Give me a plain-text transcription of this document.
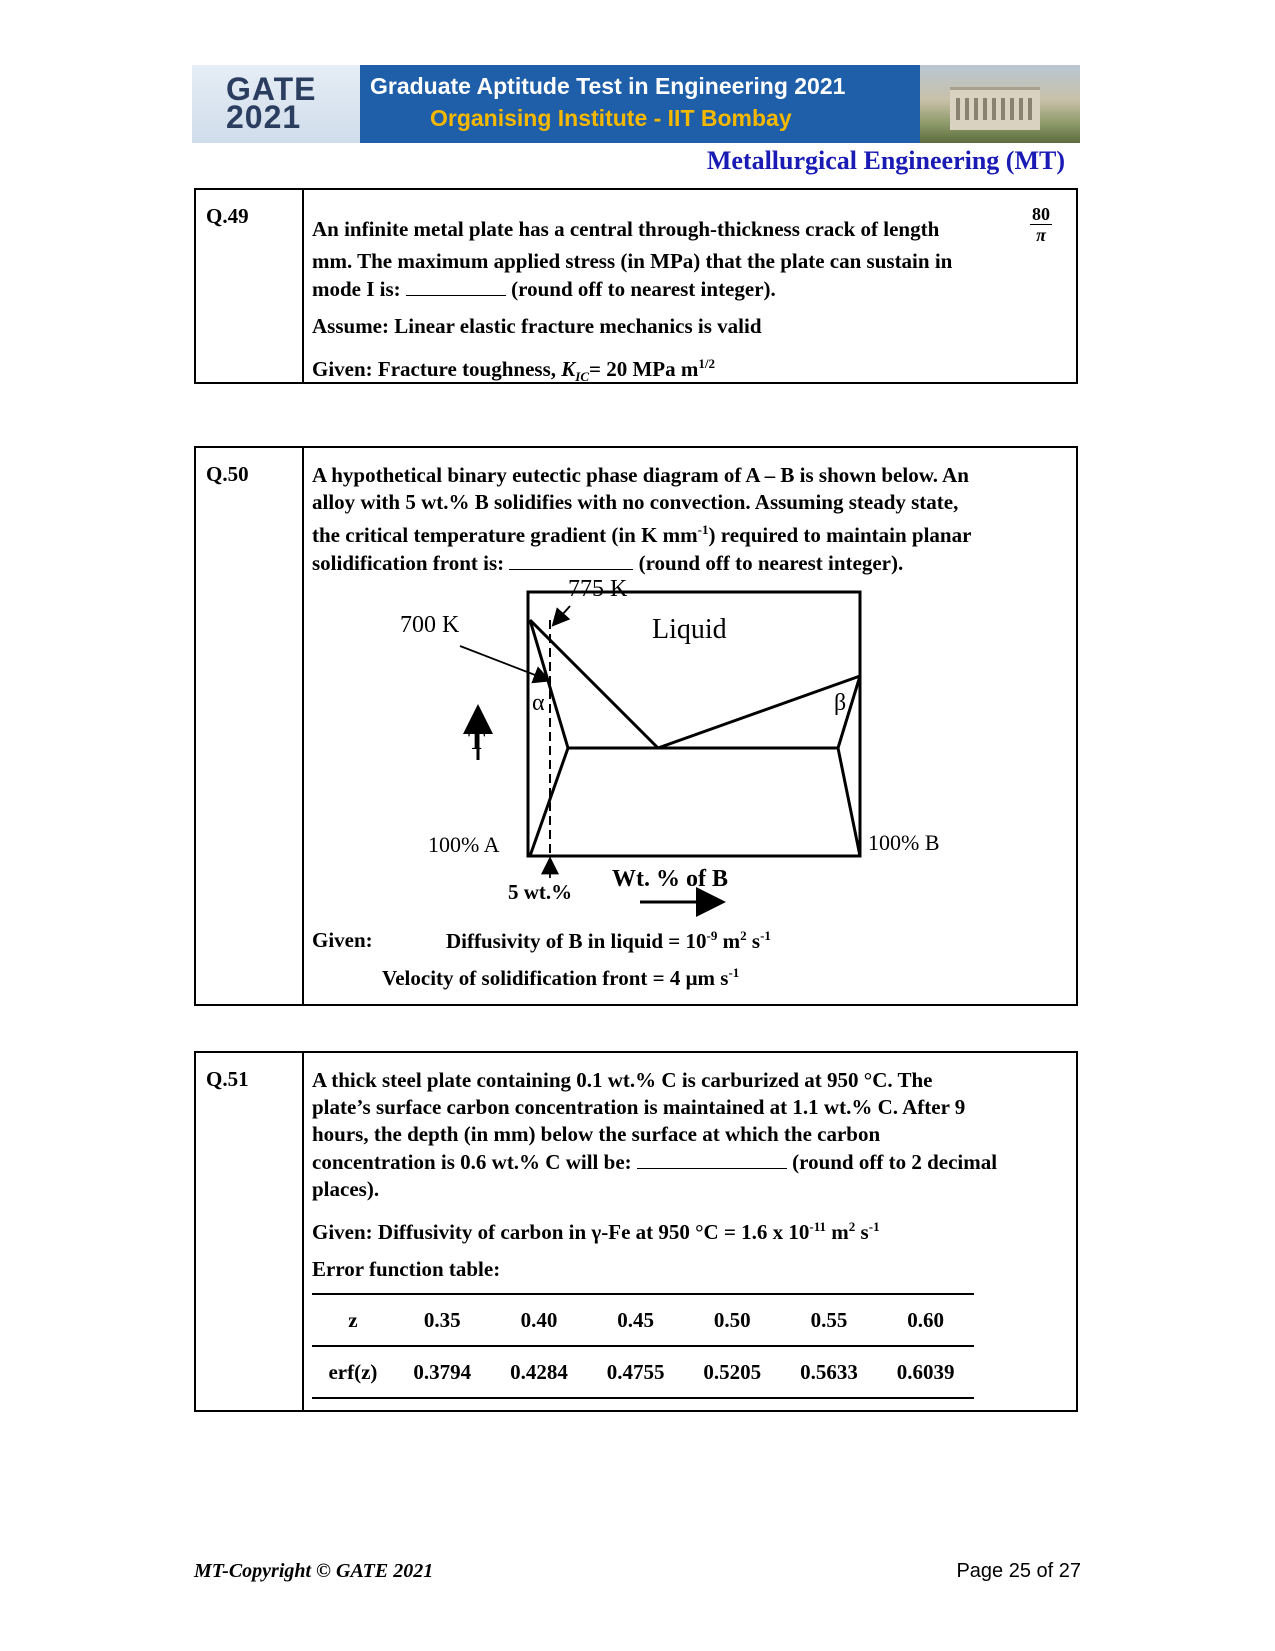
GATE
2021
Graduate Aptitude Test in Engineering 2021
Organising Institute - IIT Bombay
Metallurgical Engineering (MT)
Q.49
An infinite metal plate has a central through-thickness crack of length	$\frac{80}{\pi}$
mm. The maximum applied stress (in MPa) that the plate can sustain in
mode I is:	(round off to nearest integer).
Assume: Linear elastic fracture mechanics is valid
Given: Fracture toughness, $K_{IC}= 20$ MPa $m^{1/2}$
Q.50	A hypothetical binary eutectic phase diagram of A – B is shown below. An
alloy with 5 wt.% B solidifies with no convection. Assuming steady state,
the critical temperature gradient (in K $mm^{-1}$) required to maintain planar
solidification front is:	(round off to nearest integer).
Given:	Diffusivity of B in liquid = $10^{-9}$ $m^2$ $s^{-1}$
Velocity of solidification front = 4 μm $s^{-1}$
775 K
700 K	Liquid
α	β
T
100% A	100% B
Wt. % of B
5 wt.%
Q.51	A thick steel plate containing 0.1 wt.% C is carburized at 950 °C. The
plate’s surface carbon concentration is maintained at 1.1 wt.% C. After 9
hours, the depth (in mm) below the surface at which the carbon
concentration is 0.6 wt.% C will be:	(round off to 2 decimal
places).
Given: Diffusivity of carbon in γ-Fe at 950 °C = 1.6 x $10^{-11}$ $m^2$ $s^{-1}$
Error function table:
z	0.35	0.40	0.45	0.50	0.55	0.60
erf(z)	0.3794	0.4284	0.4755	0.5205	0.5633	0.6039
MT-Copyright © GATE 2021	Page 25 of 27
